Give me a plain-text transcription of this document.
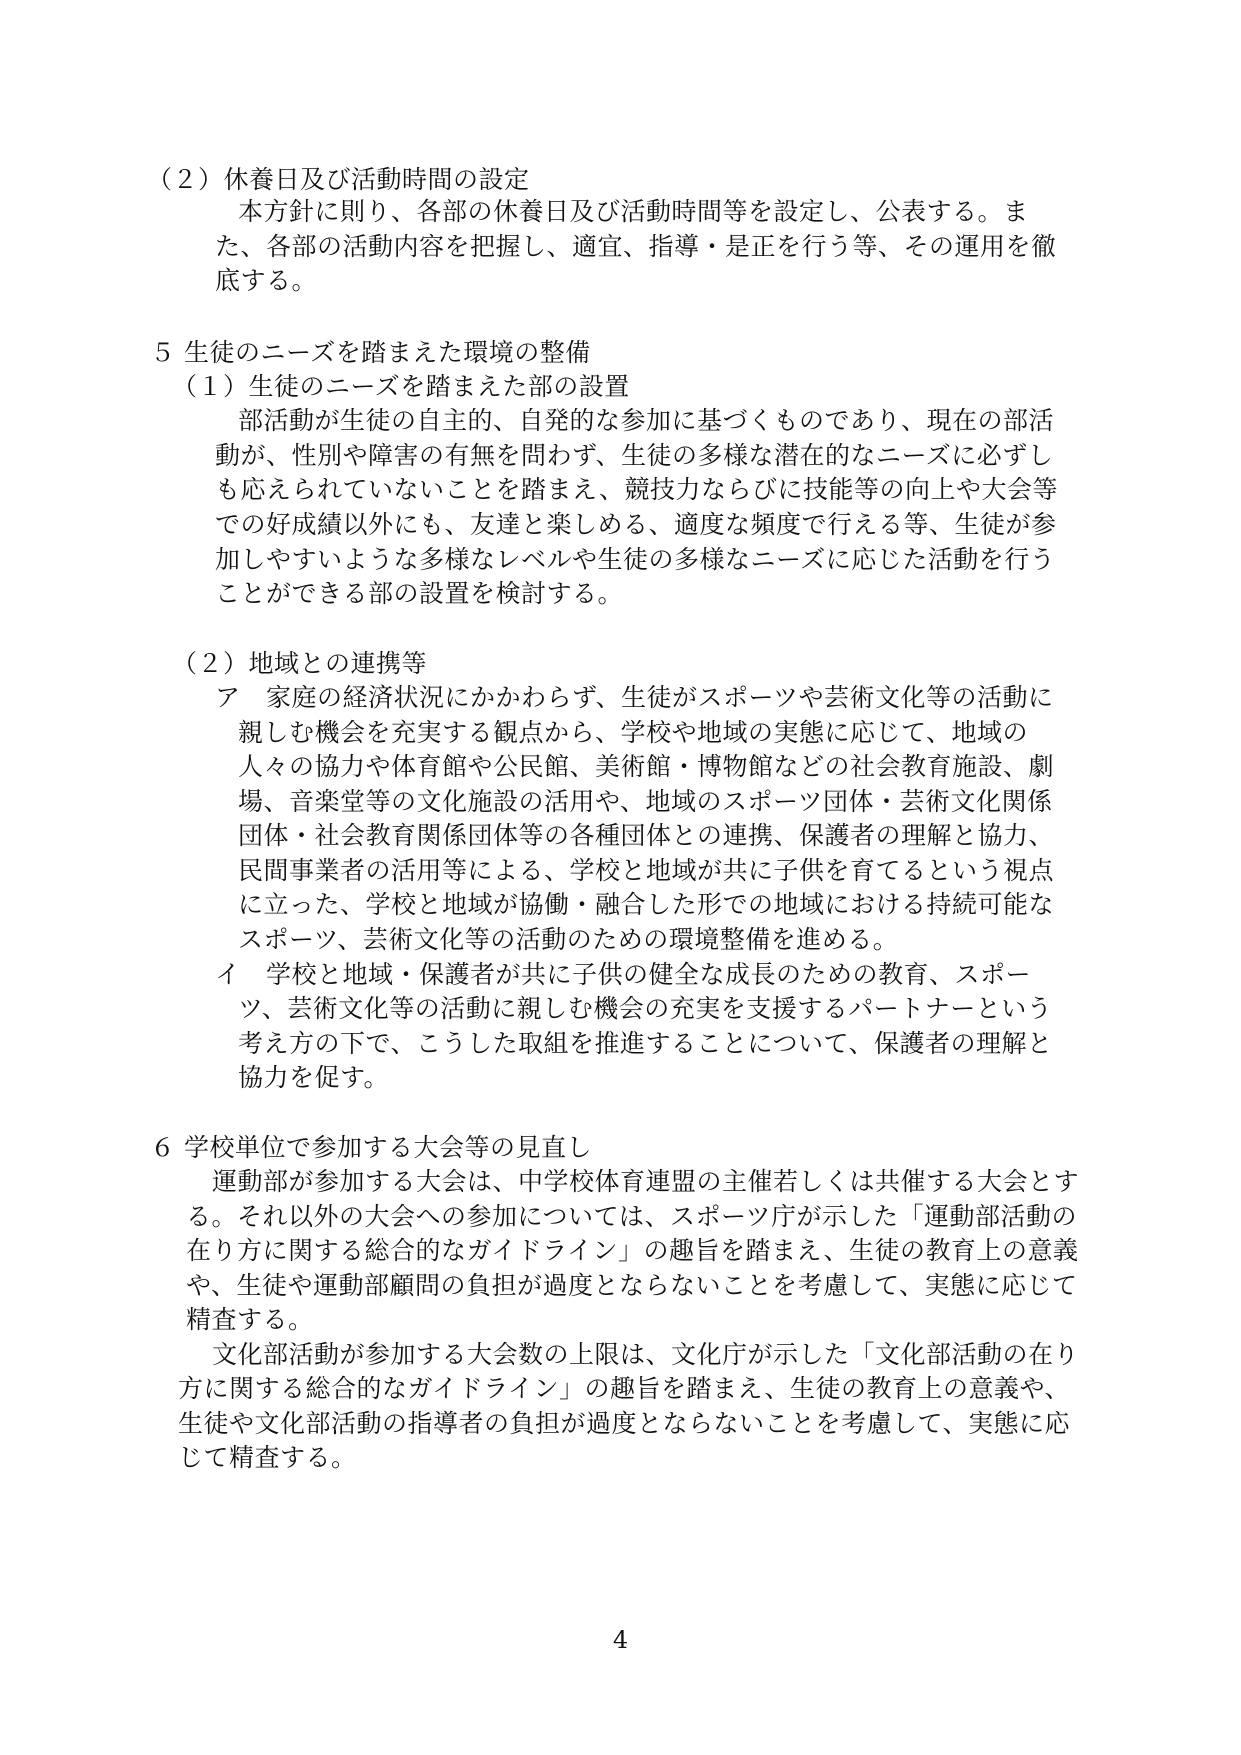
（２）休養日及び活動時間の設定
本方針に則り、各部の休養日及び活動時間等を設定し、公表する。ま
た、各部の活動内容を把握し、適宜、指導・是正を行う等、その運用を徹
底する。
５ 生徒のニーズを踏まえた環境の整備
（１）生徒のニーズを踏まえた部の設置
部活動が生徒の自主的、自発的な参加に基づくものであり、現在の部活
動が、性別や障害の有無を問わず、生徒の多様な潜在的なニーズに必ずし
も応えられていないことを踏まえ、競技力ならびに技能等の向上や大会等
での好成績以外にも、友達と楽しめる、適度な頻度で行える等、生徒が参
加しやすいような多様なレベルや生徒の多様なニーズに応じた活動を行う
ことができる部の設置を検討する。
（２）地域との連携等
ア　家庭の経済状況にかかわらず、生徒がスポーツや芸術文化等の活動に
親しむ機会を充実する観点から、学校や地域の実態に応じて、地域の
人々の協力や体育館や公民館、美術館・博物館などの社会教育施設、劇
場、音楽堂等の文化施設の活用や、地域のスポーツ団体・芸術文化関係
団体・社会教育関係団体等の各種団体との連携、保護者の理解と協力、
民間事業者の活用等による、学校と地域が共に子供を育てるという視点
に立った、学校と地域が協働・融合した形での地域における持続可能な
スポーツ、芸術文化等の活動のための環境整備を進める。
イ　学校と地域・保護者が共に子供の健全な成長のための教育、スポー
ツ、芸術文化等の活動に親しむ機会の充実を支援するパートナーという
考え方の下で、こうした取組を推進することについて、保護者の理解と
協力を促す。
６ 学校単位で参加する大会等の見直し
運動部が参加する大会は、中学校体育連盟の主催若しくは共催する大会とす
る。それ以外の大会への参加については、スポーツ庁が示した「運動部活動の
在り方に関する総合的なガイドライン」の趣旨を踏まえ、生徒の教育上の意義
や、生徒や運動部顧問の負担が過度とならないことを考慮して、実態に応じて
精査する。
文化部活動が参加する大会数の上限は、文化庁が示した「文化部活動の在り
方に関する総合的なガイドライン」の趣旨を踏まえ、生徒の教育上の意義や、
生徒や文化部活動の指導者の負担が過度とならないことを考慮して、実態に応
じて精査する。
4
